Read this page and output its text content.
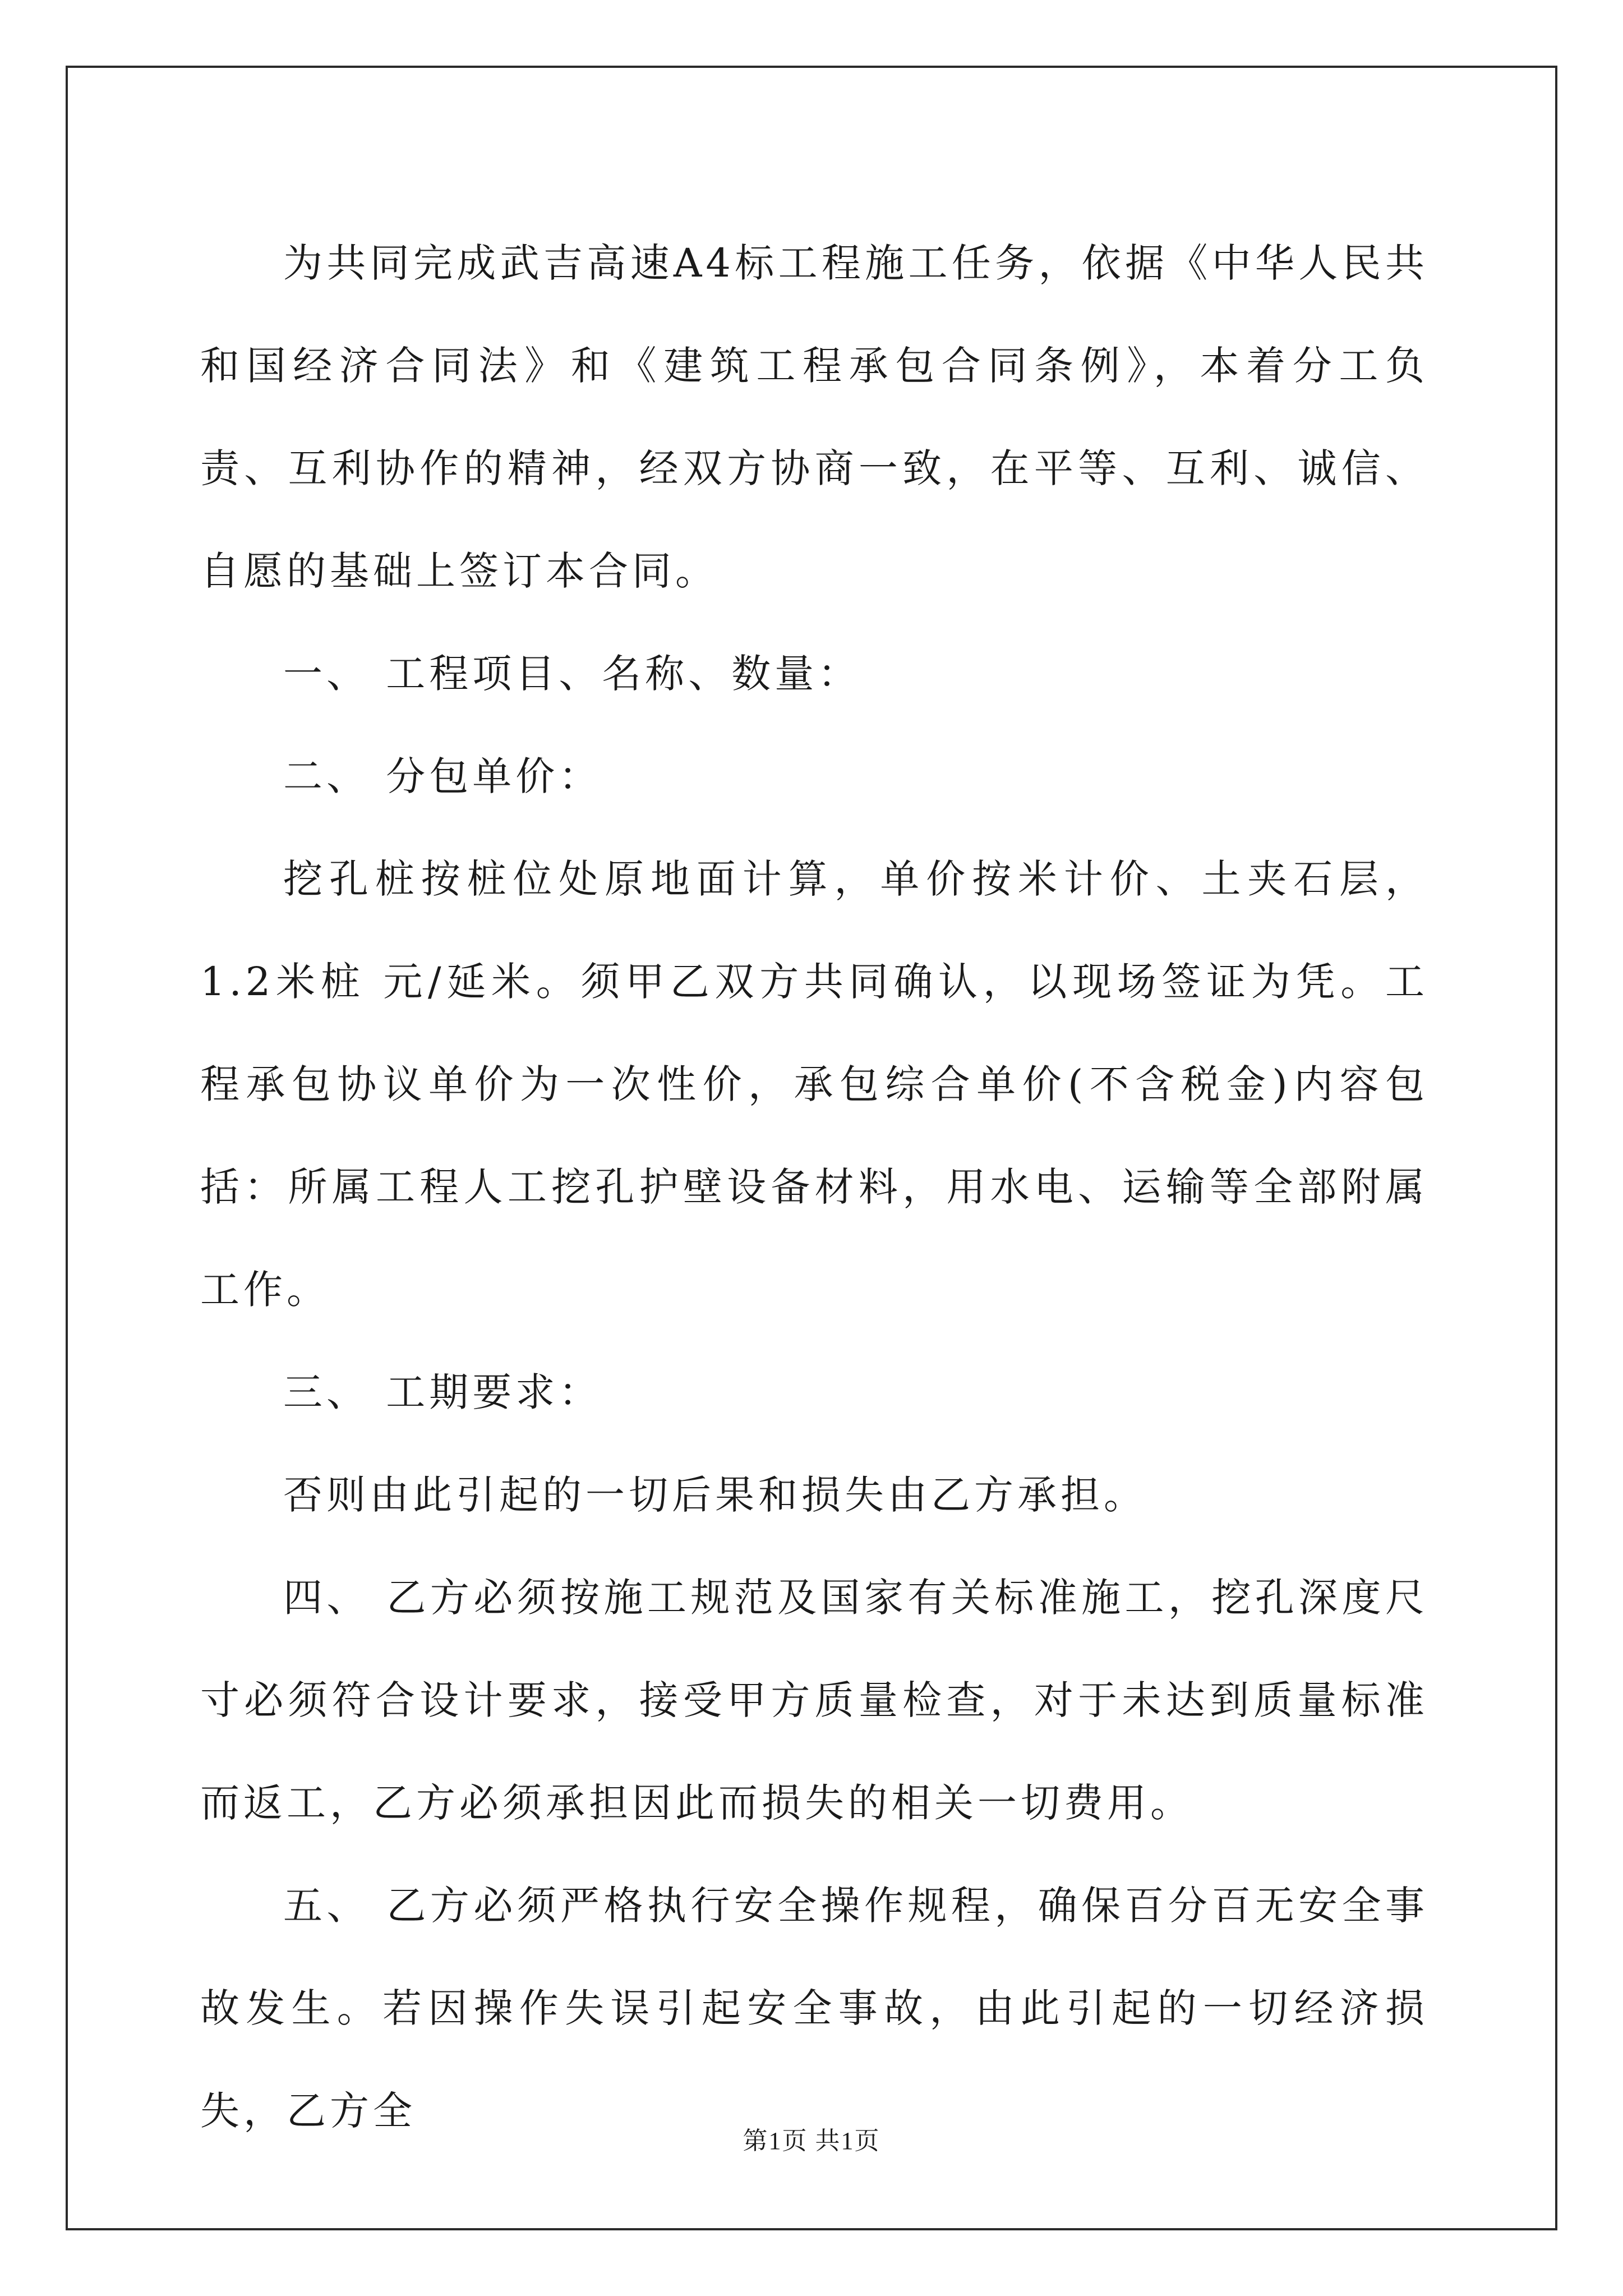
为共同完成武吉高速A4标工程施工任务，依据《中华人民共和国经济合同法》和《建筑工程承包合同条例》，本着分工负责、互利协作的精神，经双方协商一致，在平等、互利、诚信、自愿的基础上签订本合同。

一、 工程项目、名称、数量：

二、 分包单价：

挖孔桩按桩位处原地面计算，单价按米计价、土夹石层，1.2米桩 元/延米。须甲乙双方共同确认，以现场签证为凭。工程承包协议单价为一次性价，承包综合单价(不含税金)内容包括：所属工程人工挖孔护壁设备材料，用水电、运输等全部附属工作。

三、 工期要求：

否则由此引起的一切后果和损失由乙方承担。

四、 乙方必须按施工规范及国家有关标准施工，挖孔深度尺寸必须符合设计要求，接受甲方质量检查，对于未达到质量标准而返工，乙方必须承担因此而损失的相关一切费用。

五、 乙方必须严格执行安全操作规程，确保百分百无安全事故发生。若因操作失误引起安全事故，由此引起的一切经济损失，乙方全

第1页 共1页
